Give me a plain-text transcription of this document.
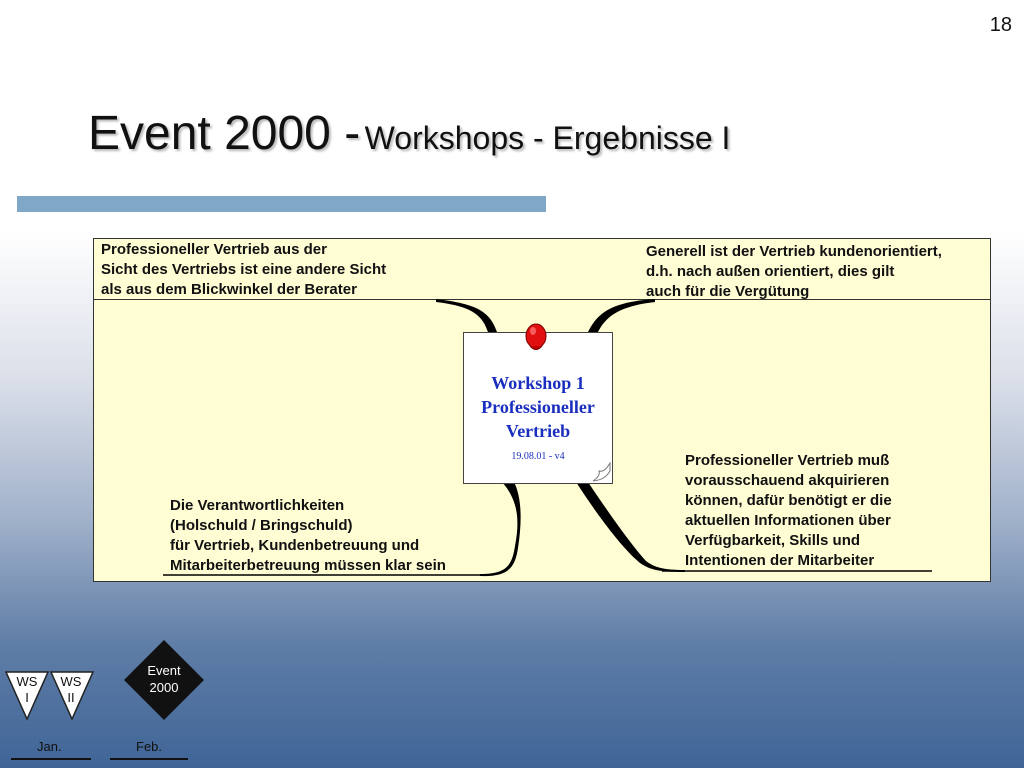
18
Event 2000 - Workshops - Ergebnisse I
Professioneller Vertrieb aus der
Sicht des Vertriebs ist eine andere Sicht
als aus dem Blickwinkel der Berater
Generell ist der Vertrieb kundenorientiert,
d.h. nach außen orientiert, dies gilt
auch für die Vergütung
Die Verantwortlichkeiten
(Holschuld / Bringschuld)
für Vertrieb, Kundenbetreuung und
Mitarbeiterbetreuung müssen klar sein
Professioneller Vertrieb muß
vorausschauend akquirieren
können, dafür benötigt er die
aktuellen Informationen über
Verfügbarkeit, Skills und
Intentionen der Mitarbeiter
Workshop 1
Professioneller
Vertrieb
19.08.01 - v4
Event
2000
WS
I
WS
II
Jan.	Feb.
